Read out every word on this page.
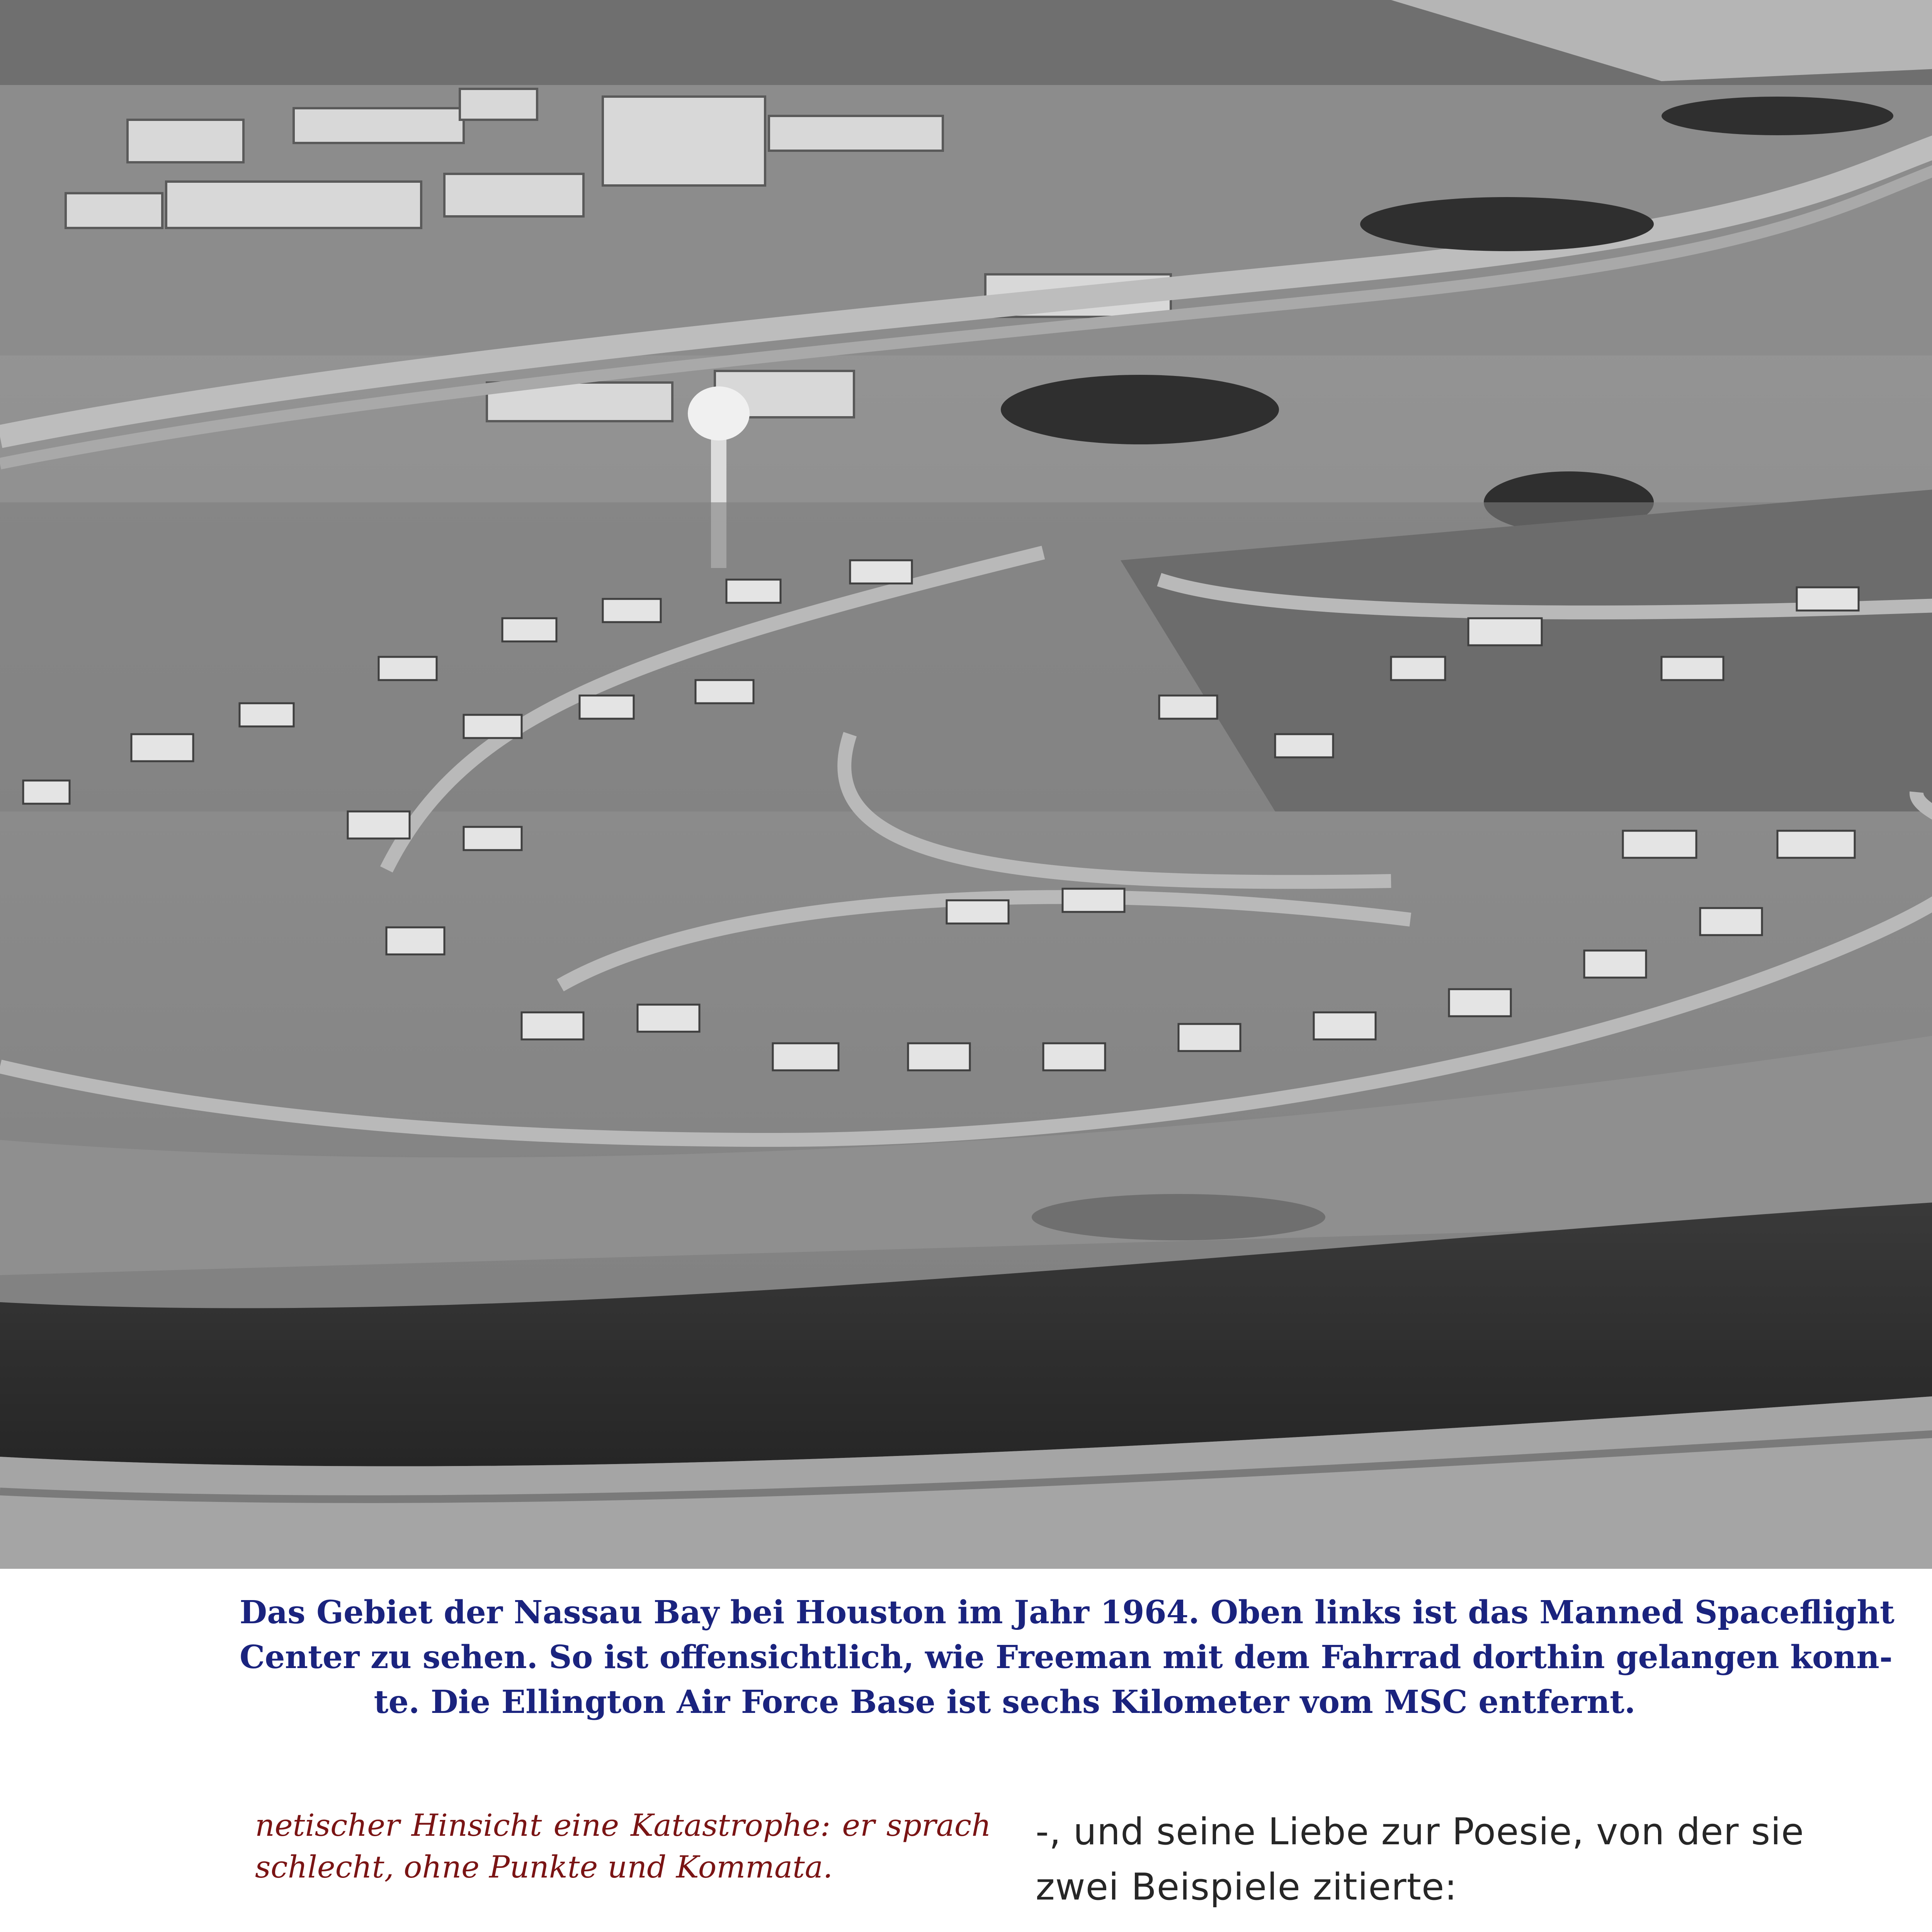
Das Gebiet der Nassau Bay bei Houston im Jahr 1964. Oben links ist das Manned Spaceflight
Center zu sehen. So ist offensichtlich, wie Freeman mit dem Fahrrad dorthin gelangen konn-
te. Die Ellington Air Force Base ist sechs Kilometer vom MSC entfernt.
netischer Hinsicht eine Katastrophe: er sprach
schlecht, ohne Punkte und Kommata.
-, und seine Liebe zur Poesie, von der sie
zwei Beispiele zitierte:
